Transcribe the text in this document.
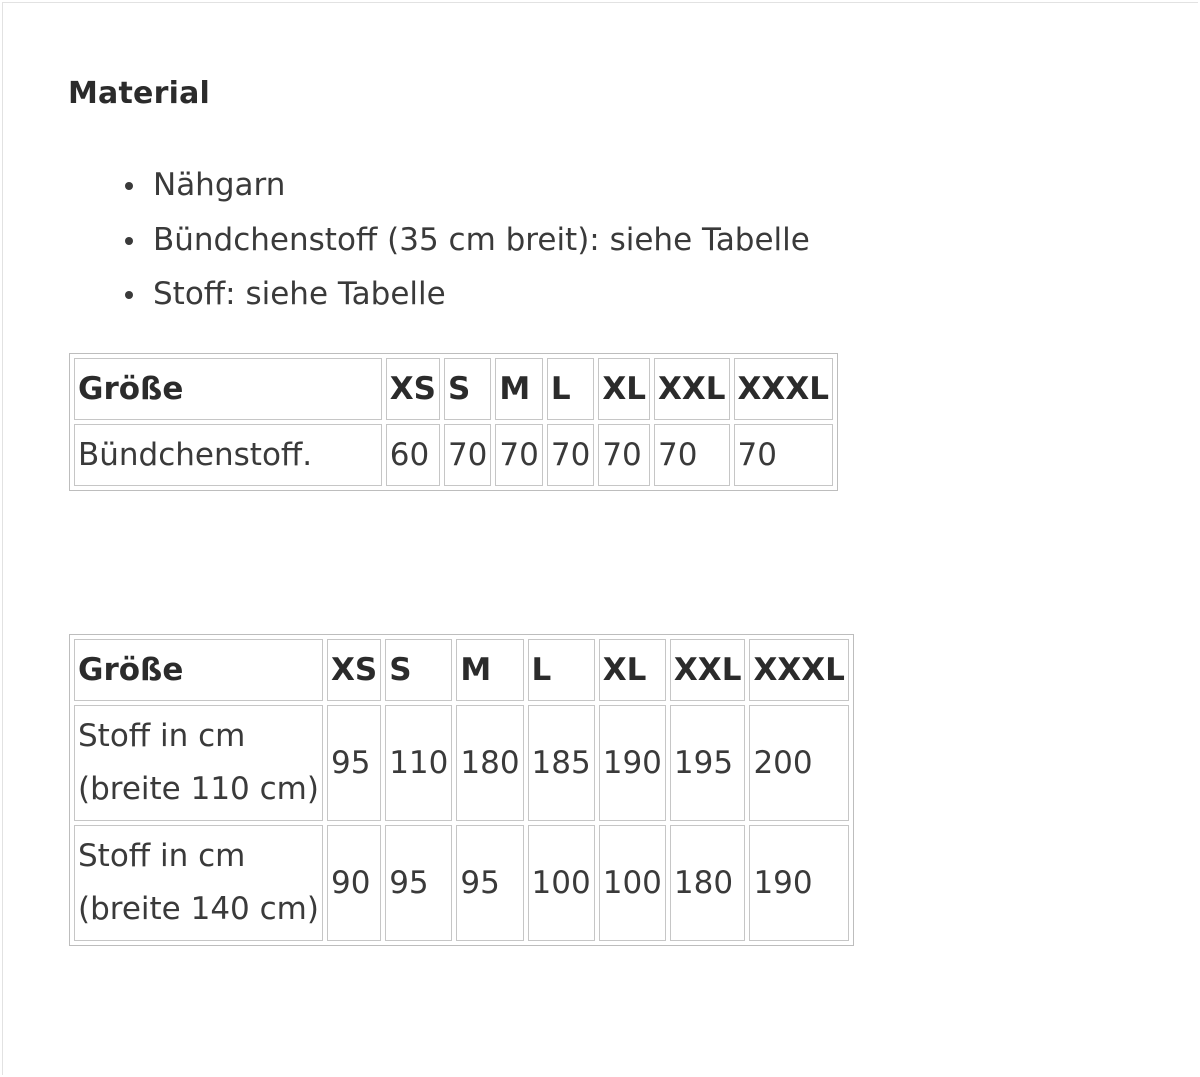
Material
Nähgarn
Bündchenstoff (35 cm breit): siehe Tabelle
Stoff: siehe Tabelle
Größe	XS	S	M	L	XL	XXL	XXXL
Bündchenstoff.	60	70	70	70	70	70	70
Größe	XS	S	M	L	XL	XXL	XXXL

Stoff in cm
(breite 110 cm)	95	110	180	185	190	195	200

Stoff in cm
(breite 140 cm)	90	95	95	100	100	180	190
